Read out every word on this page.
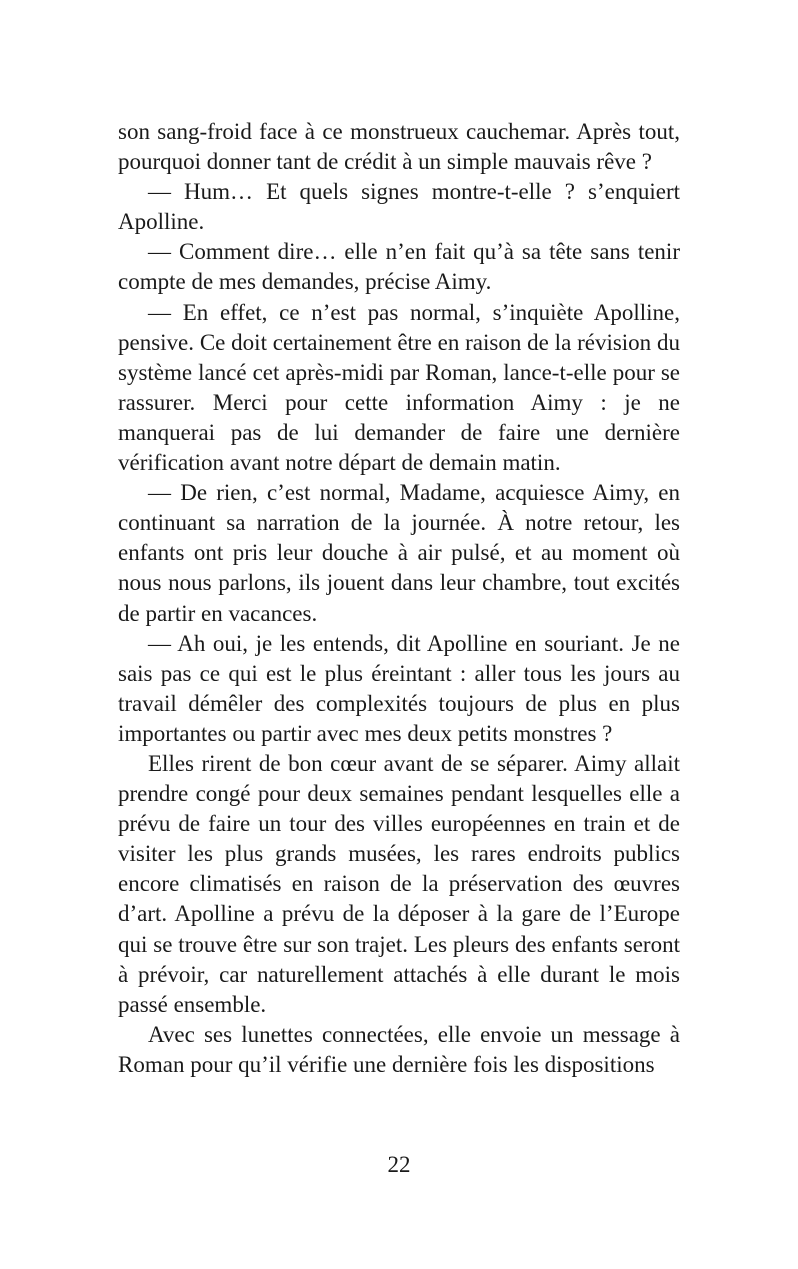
son sang-froid face à ce monstrueux cauchemar. Après tout, pourquoi donner tant de crédit à un simple mauvais rêve ?

— Hum… Et quels signes montre-t-elle ? s’enquiert Apolline.

— Comment dire… elle n’en fait qu’à sa tête sans tenir compte de mes demandes, précise Aimy.

— En effet, ce n’est pas normal, s’inquiète Apolline, pensive. Ce doit certainement être en raison de la révision du système lancé cet après-midi par Roman, lance-t-elle pour se rassurer. Merci pour cette information Aimy : je ne manquerai pas de lui demander de faire une dernière vérification avant notre départ de demain matin.

— De rien, c’est normal, Madame, acquiesce Aimy, en continuant sa narration de la journée. À notre retour, les enfants ont pris leur douche à air pulsé, et au moment où nous nous parlons, ils jouent dans leur chambre, tout excités de partir en vacances.

— Ah oui, je les entends, dit Apolline en souriant. Je ne sais pas ce qui est le plus éreintant : aller tous les jours au travail démêler des complexités toujours de plus en plus importantes ou partir avec mes deux petits monstres ?

Elles rirent de bon cœur avant de se séparer. Aimy allait prendre congé pour deux semaines pendant lesquelles elle a prévu de faire un tour des villes européennes en train et de visiter les plus grands musées, les rares endroits publics encore climatisés en raison de la préservation des œuvres d’art. Apolline a prévu de la déposer à la gare de l’Europe qui se trouve être sur son trajet. Les pleurs des enfants seront à prévoir, car naturellement attachés à elle durant le mois passé ensemble.

Avec ses lunettes connectées, elle envoie un message à Roman pour qu’il vérifie une dernière fois les dispositions

22
